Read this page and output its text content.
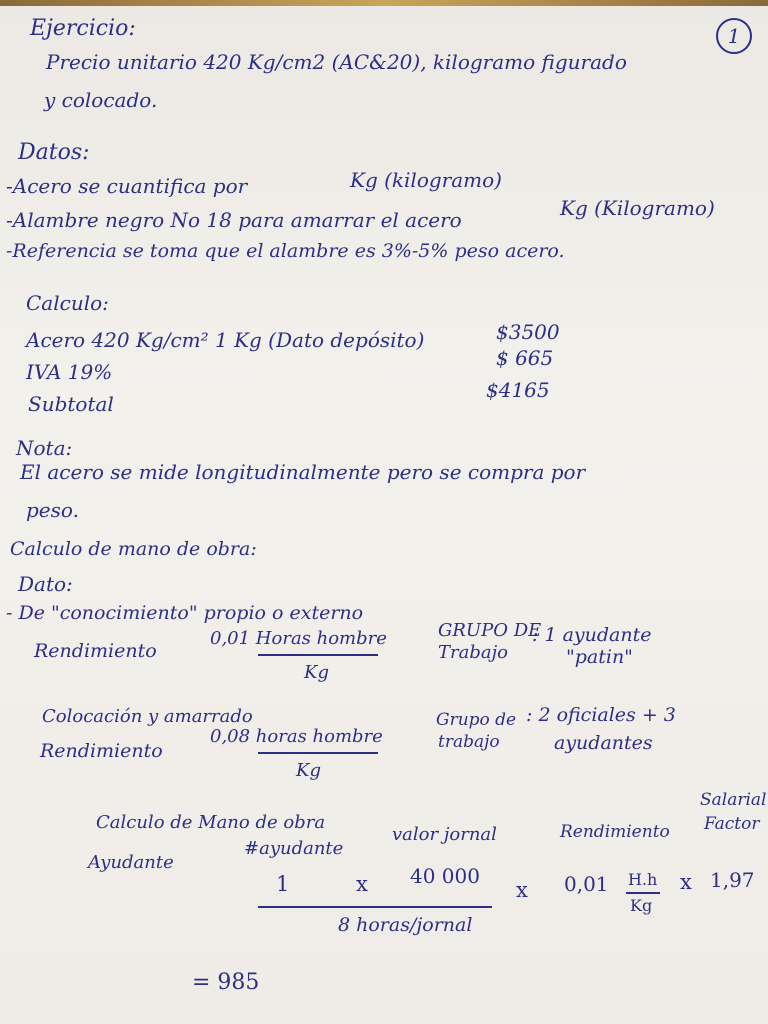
1
Ejercicio:
Precio unitario 420 Kg/cm2 (AC&20), kilogramo figurado
y colocado.
Datos:
-Acero se cuantifica por	Kg (kilogramo)
-Alambre negro No 18 para amarrar el acero	Kg (Kilogramo)
-Referencia se toma que el alambre es 3%-5% peso acero.
Calculo:
Acero 420 Kg/cm² 1 Kg (Dato depósito)	$3500
IVA 19%
$ 665
Subtotal
$4165
Nota:
El acero se mide longitudinalmente pero se compra por
peso.
Calculo de mano de obra:
Dato:
- De "conocimiento" propio o externo
Rendimiento
0,01 Horas hombre
Kg
GRUPO DE
Trabajo
: 1 ayudante
"patin"
Colocación y amarrado
Rendimiento
0,08 horas hombre
Kg
Grupo de
trabajo
: 2 oficiales + 3
ayudantes
Calculo de Mano de obra
Salarial
Factor
valor jornal	Rendimiento
Ayudante
#ayudante
1	x 40 000
8 horas/jornal
x 0,01 H.h
Kg
x 1,97
= 985
